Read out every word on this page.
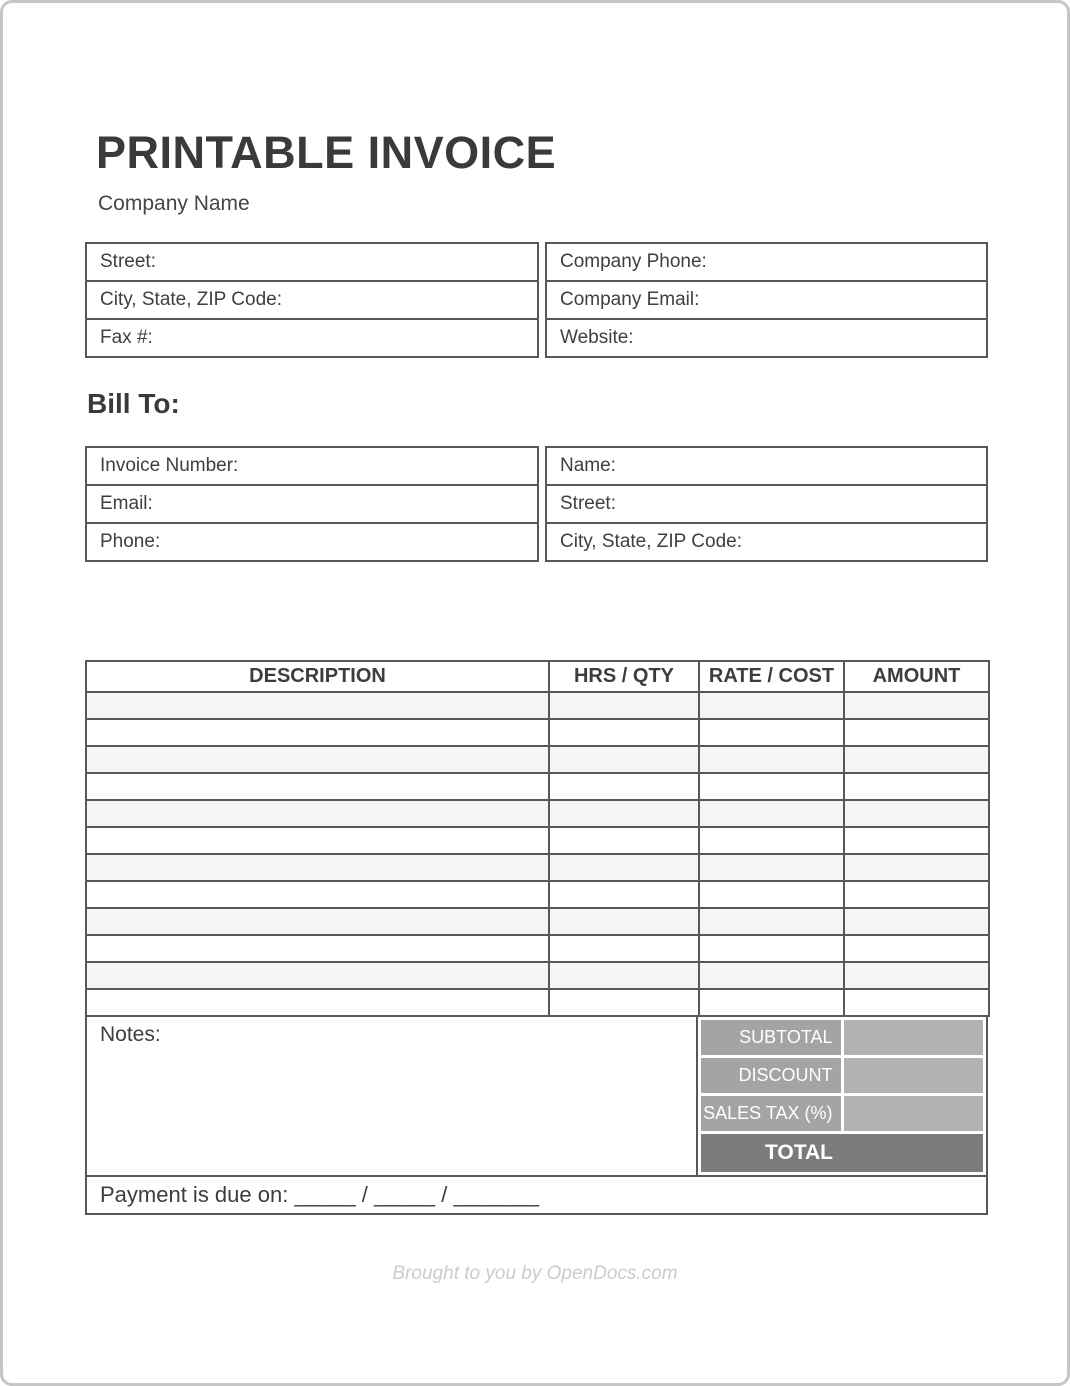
PRINTABLE INVOICE
Company Name
Street:
City, State, ZIP Code:
Fax #:
Company Phone:
Company Email:
Website:
Bill To:
Invoice Number:
Email:
Phone:
Name:
Street:
City, State, ZIP Code:
DESCRIPTION	HRS / QTY	RATE / COST	AMOUNT

Notes:	SUBTOTAL
DISCOUNT
SALES TAX (%)
TOTAL
Payment is due on: _____ / _____ / _______
Brought to you by OpenDocs.com
